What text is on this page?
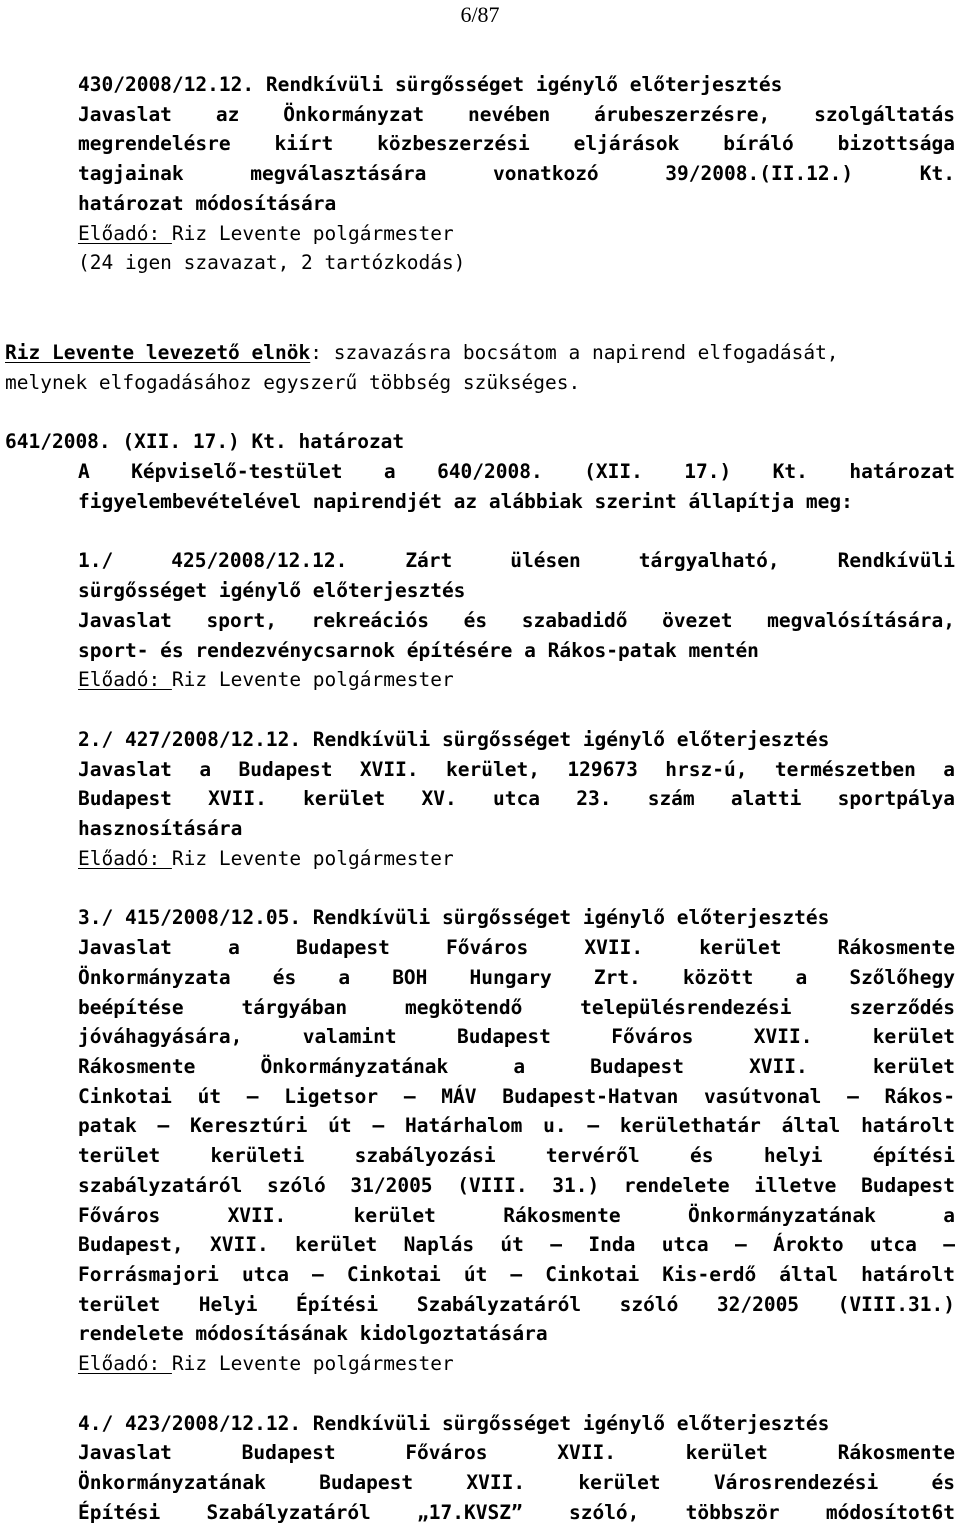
6/87
430/2008/12.12. Rendkívüli sürgősséget igénylő előterjesztés
Javaslat az Önkormányzat nevében árubeszerzésre, szolgáltatás
megrendelésre kiírt közbeszerzési eljárások bíráló bizottsága
tagjainak megválasztására vonatkozó 39/2008.(II.12.) Kt.
határozat módosítására
Előadó: Riz Levente polgármester
(24 igen szavazat, 2 tartózkodás)
Riz Levente levezető elnök: szavazásra bocsátom a napirend elfogadását,
melynek elfogadásához egyszerű többség szükséges.
641/2008. (XII. 17.) Kt. határozat
A Képviselő-testület a 640/2008. (XII. 17.) Kt. határozat
figyelembevételével napirendjét az alábbiak szerint állapítja meg:
1./ 425/2008/12.12. Zárt ülésen tárgyalható, Rendkívüli
sürgősséget igénylő előterjesztés
Javaslat sport, rekreációs és szabadidő övezet megvalósítására,
sport- és rendezvénycsarnok építésére a Rákos-patak mentén
Előadó: Riz Levente polgármester
2./ 427/2008/12.12. Rendkívüli sürgősséget igénylő előterjesztés
Javaslat a Budapest XVII. kerület, 129673 hrsz-ú, természetben a
Budapest XVII. kerület XV. utca 23. szám alatti sportpálya
hasznosítására
Előadó: Riz Levente polgármester
3./ 415/2008/12.05. Rendkívüli sürgősséget igénylő előterjesztés
Javaslat a Budapest Főváros XVII. kerület Rákosmente
Önkormányzata és a BOH Hungary Zrt. között a Szőlőhegy
beépítése tárgyában megkötendő településrendezési szerződés
jóváhagyására, valamint Budapest Főváros XVII. kerület
Rákosmente Önkormányzatának a Budapest XVII. kerület
Cinkotai út – Ligetsor – MÁV Budapest-Hatvan vasútvonal – Rákos-
patak – Keresztúri út – Határhalom u. – kerülethatár által határolt
terület kerületi szabályozási tervéről és helyi építési
szabályzatáról szóló 31/2005 (VIII. 31.) rendelete illetve Budapest
Főváros XVII. kerület Rákosmente Önkormányzatának a
Budapest, XVII. kerület Naplás út – Inda utca – Árokto utca –
Forrásmajori utca – Cinkotai út – Cinkotai Kis-erdő által határolt
terület Helyi Építési Szabályzatáról szóló 32/2005 (VIII.31.)
rendelete módosításának kidolgoztatására
Előadó: Riz Levente polgármester
4./ 423/2008/12.12. Rendkívüli sürgősséget igénylő előterjesztés
Javaslat Budapest Főváros XVII. kerület Rákosmente
Önkormányzatának Budapest XVII. kerület Városrendezési és
Építési Szabályzatáról „17.KVSZ” szóló, többször módosítot6t
